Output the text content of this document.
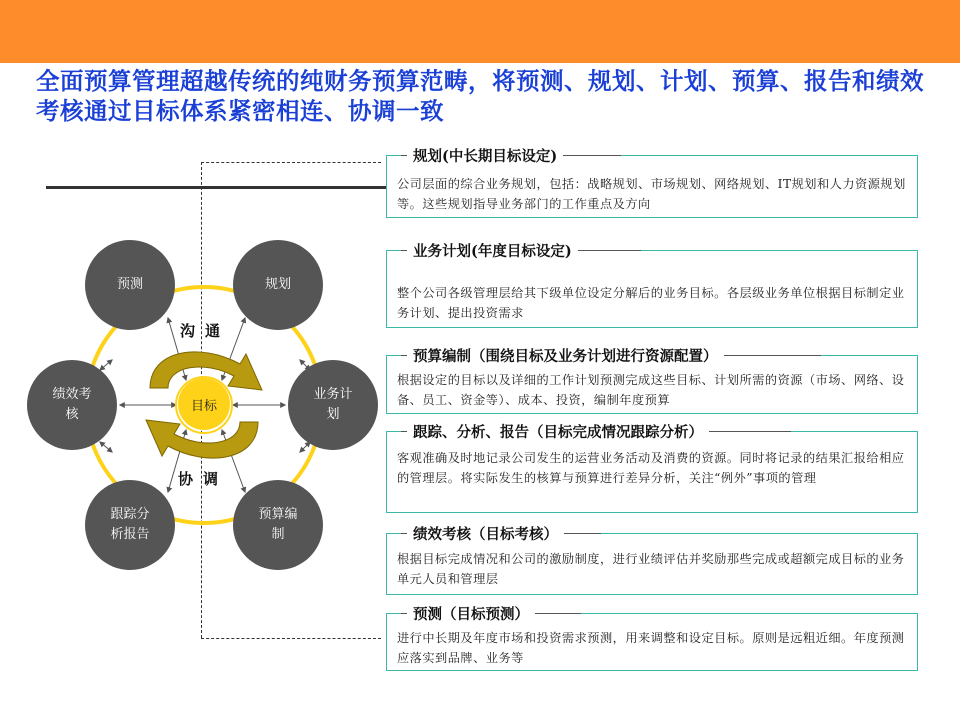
全面预算管理超越传统的纯财务预算范畴，将预测、规划、计划、预算、报告和绩效考核通过目标体系紧密相连、协调一致
预测	规划
业务计划
预算编制
跟踪分析报告
绩效考核
目标
沟通
协调
规划(中长期目标设定)
公司层面的综合业务规划，包括：战略规划、市场规划、网络规划、IT规划和人力资源规划等。这些规划指导业务部门的工作重点及方向
业务计划(年度目标设定)
整个公司各级管理层给其下级单位设定分解后的业务目标。各层级业务单位根据目标制定业务计划、提出投资需求
预算编制（围绕目标及业务计划进行资源配置）
根据设定的目标以及详细的工作计划预测完成这些目标、计划所需的资源（市场、网络、设备、员工、资金等）、成本、投资，编制年度预算
跟踪、分析、报告（目标完成情况跟踪分析）
客观准确及时地记录公司发生的运营业务活动及消费的资源。同时将记录的结果汇报给相应的管理层。将实际发生的核算与预算进行差异分析，关注“例外”事项的管理
绩效考核（目标考核）
根据目标完成情况和公司的激励制度，进行业绩评估并奖励那些完成或超额完成目标的业务单元人员和管理层
预测（目标预测）
进行中长期及年度市场和投资需求预测，用来调整和设定目标。原则是远粗近细。年度预测应落实到品牌、业务等
